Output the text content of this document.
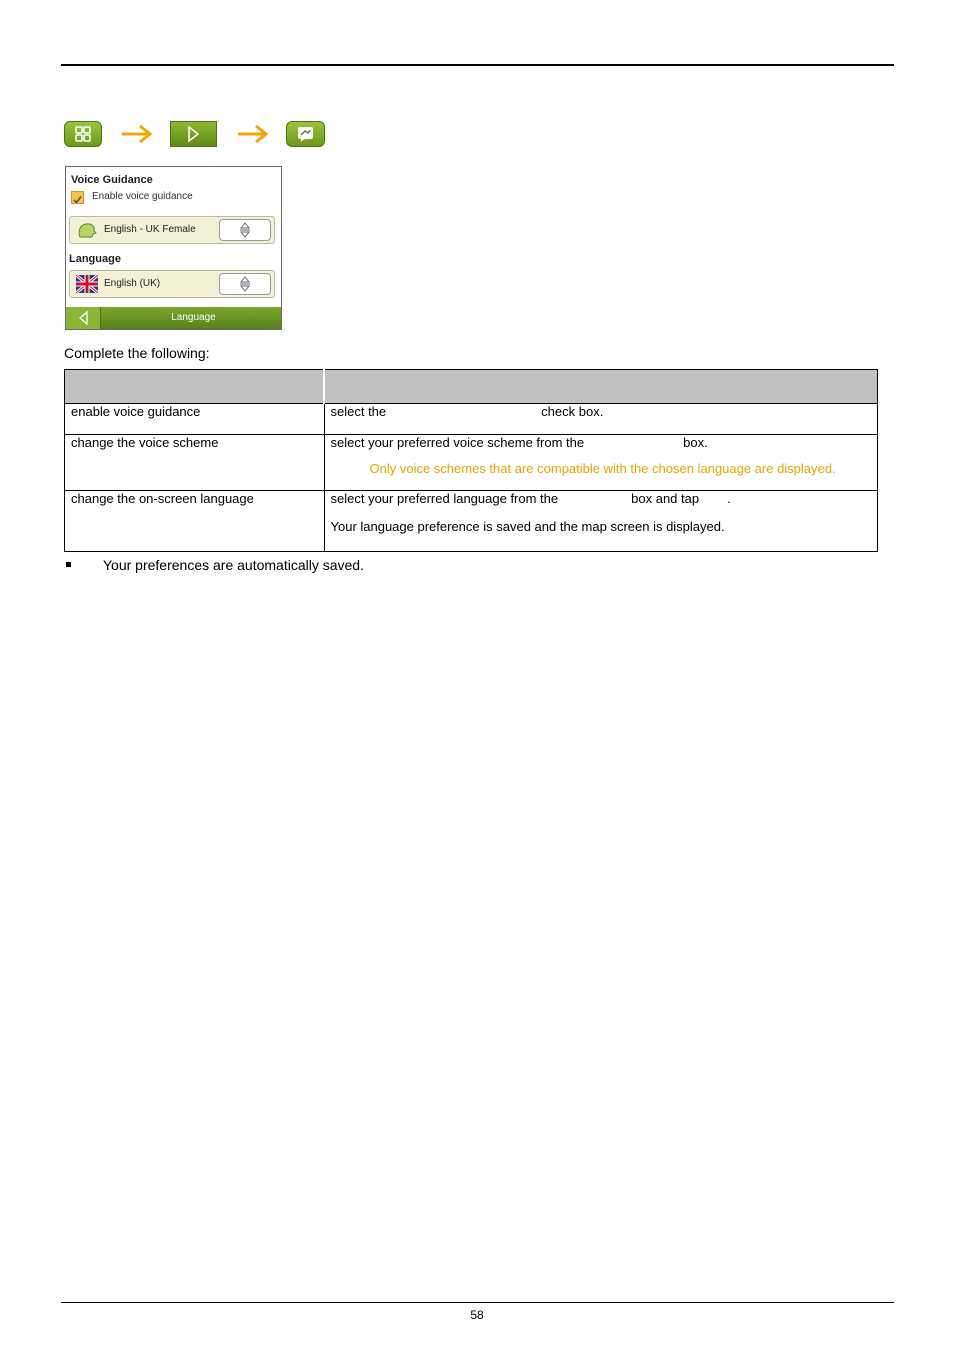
Voice Guidance
Enable voice guidance
English - UK Female
Language
English (UK)
Language
Complete the following:

enable voice guidance	select the check box.
change the voice scheme	select your preferred voice scheme from the box.
Only voice schemes that are compatible with the chosen language are displayed.

change the on-screen language	select your preferred language from the box and tap .
Your language preference is saved and the map screen is displayed.
Your preferences are automatically saved.
58
